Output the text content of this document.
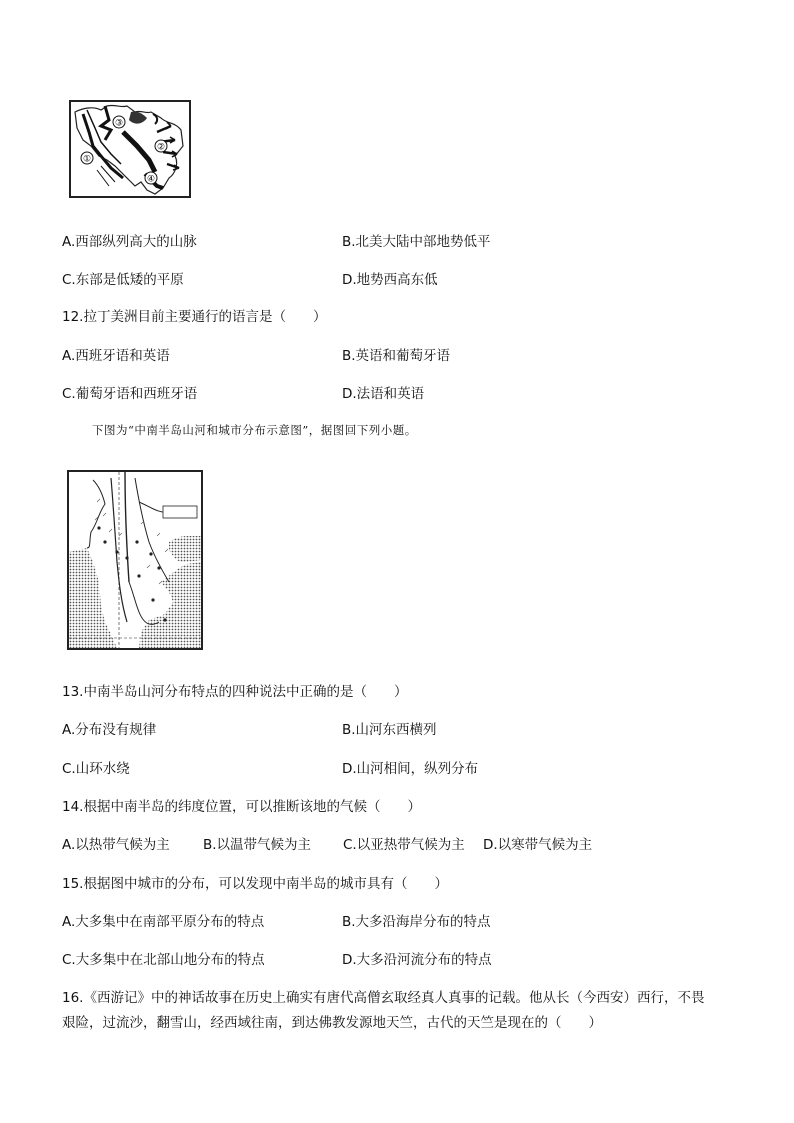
①
②
③
④
A.西部纵列高大的山脉	B.北美大陆中部地势低平
C.东部是低矮的平原	D.地势西高东低
12.拉丁美洲目前主要通行的语言是（　　）
A.西班牙语和英语	B.英语和葡萄牙语
C.葡萄牙语和西班牙语	D.法语和英语
下图为“中南半岛山河和城市分布示意图”，据图回下列小题。
13.中南半岛山河分布特点的四种说法中正确的是（　　）
A.分布没有规律	B.山河东西横列
C.山环水绕	D.山河相间，纵列分布
14.根据中南半岛的纬度位置，可以推断该地的气候（　　）
A.以热带气候为主 B.以温带气候为主 C.以亚热带气候为主 D.以寒带气候为主
15.根据图中城市的分布，可以发现中南半岛的城市具有（　　）
A.大多集中在南部平原分布的特点	B.大多沿海岸分布的特点
C.大多集中在北部山地分布的特点	D.大多沿河流分布的特点
16.《西游记》中的神话故事在历史上确实有唐代高僧玄取经真人真事的记载。他从长（今西安）西行，不畏
艰险，过流沙，翻雪山，经西域往南，到达佛教发源地天竺，古代的天竺是现在的（　　）
